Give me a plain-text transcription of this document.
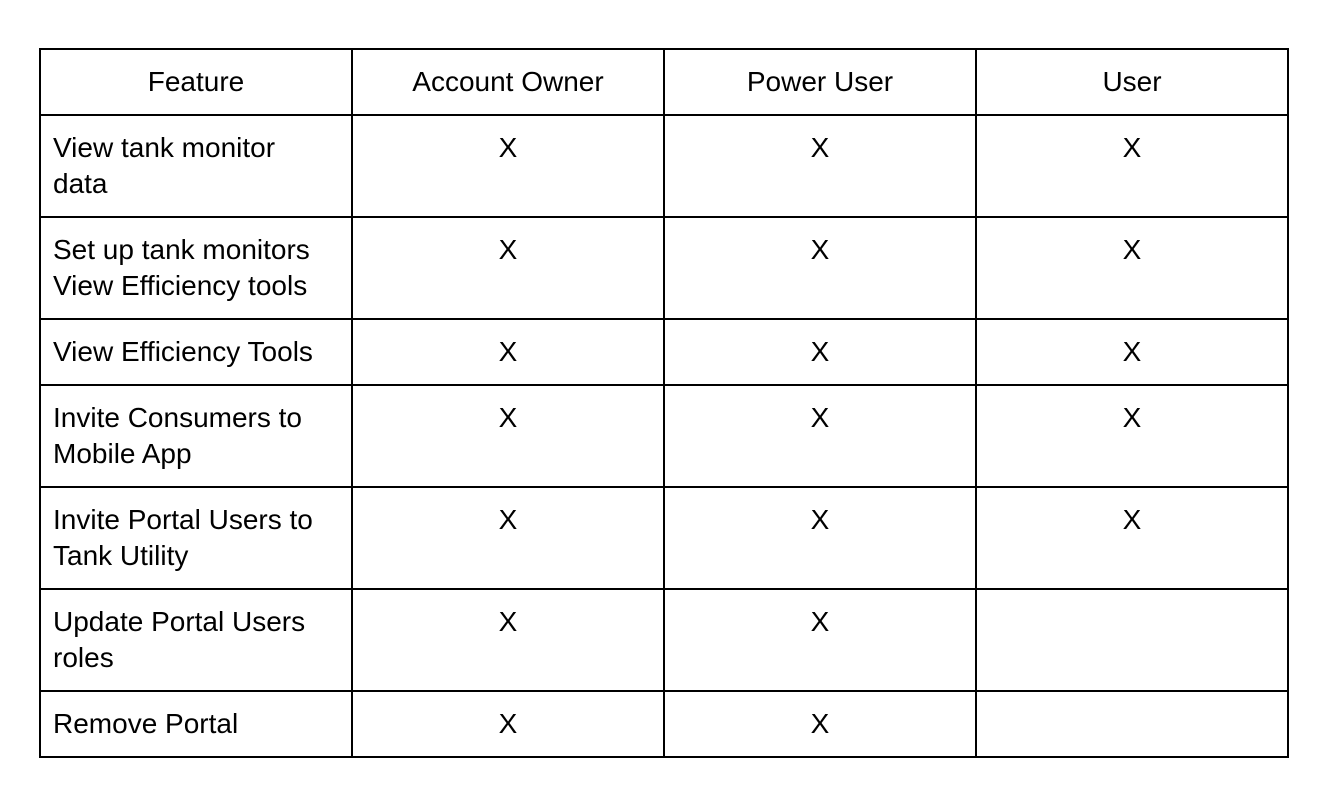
Feature	Account Owner	Power User	User

View tank monitor
data	X	X	X

Set up tank monitors
View Efficiency tools	X	X	X

View Efficiency Tools	X	X	X

Invite Consumers to
Mobile App	X	X	X

Invite Portal Users to
Tank Utility	X	X	X

Update Portal Users
roles	X	X	

Remove Portal	X	X	
